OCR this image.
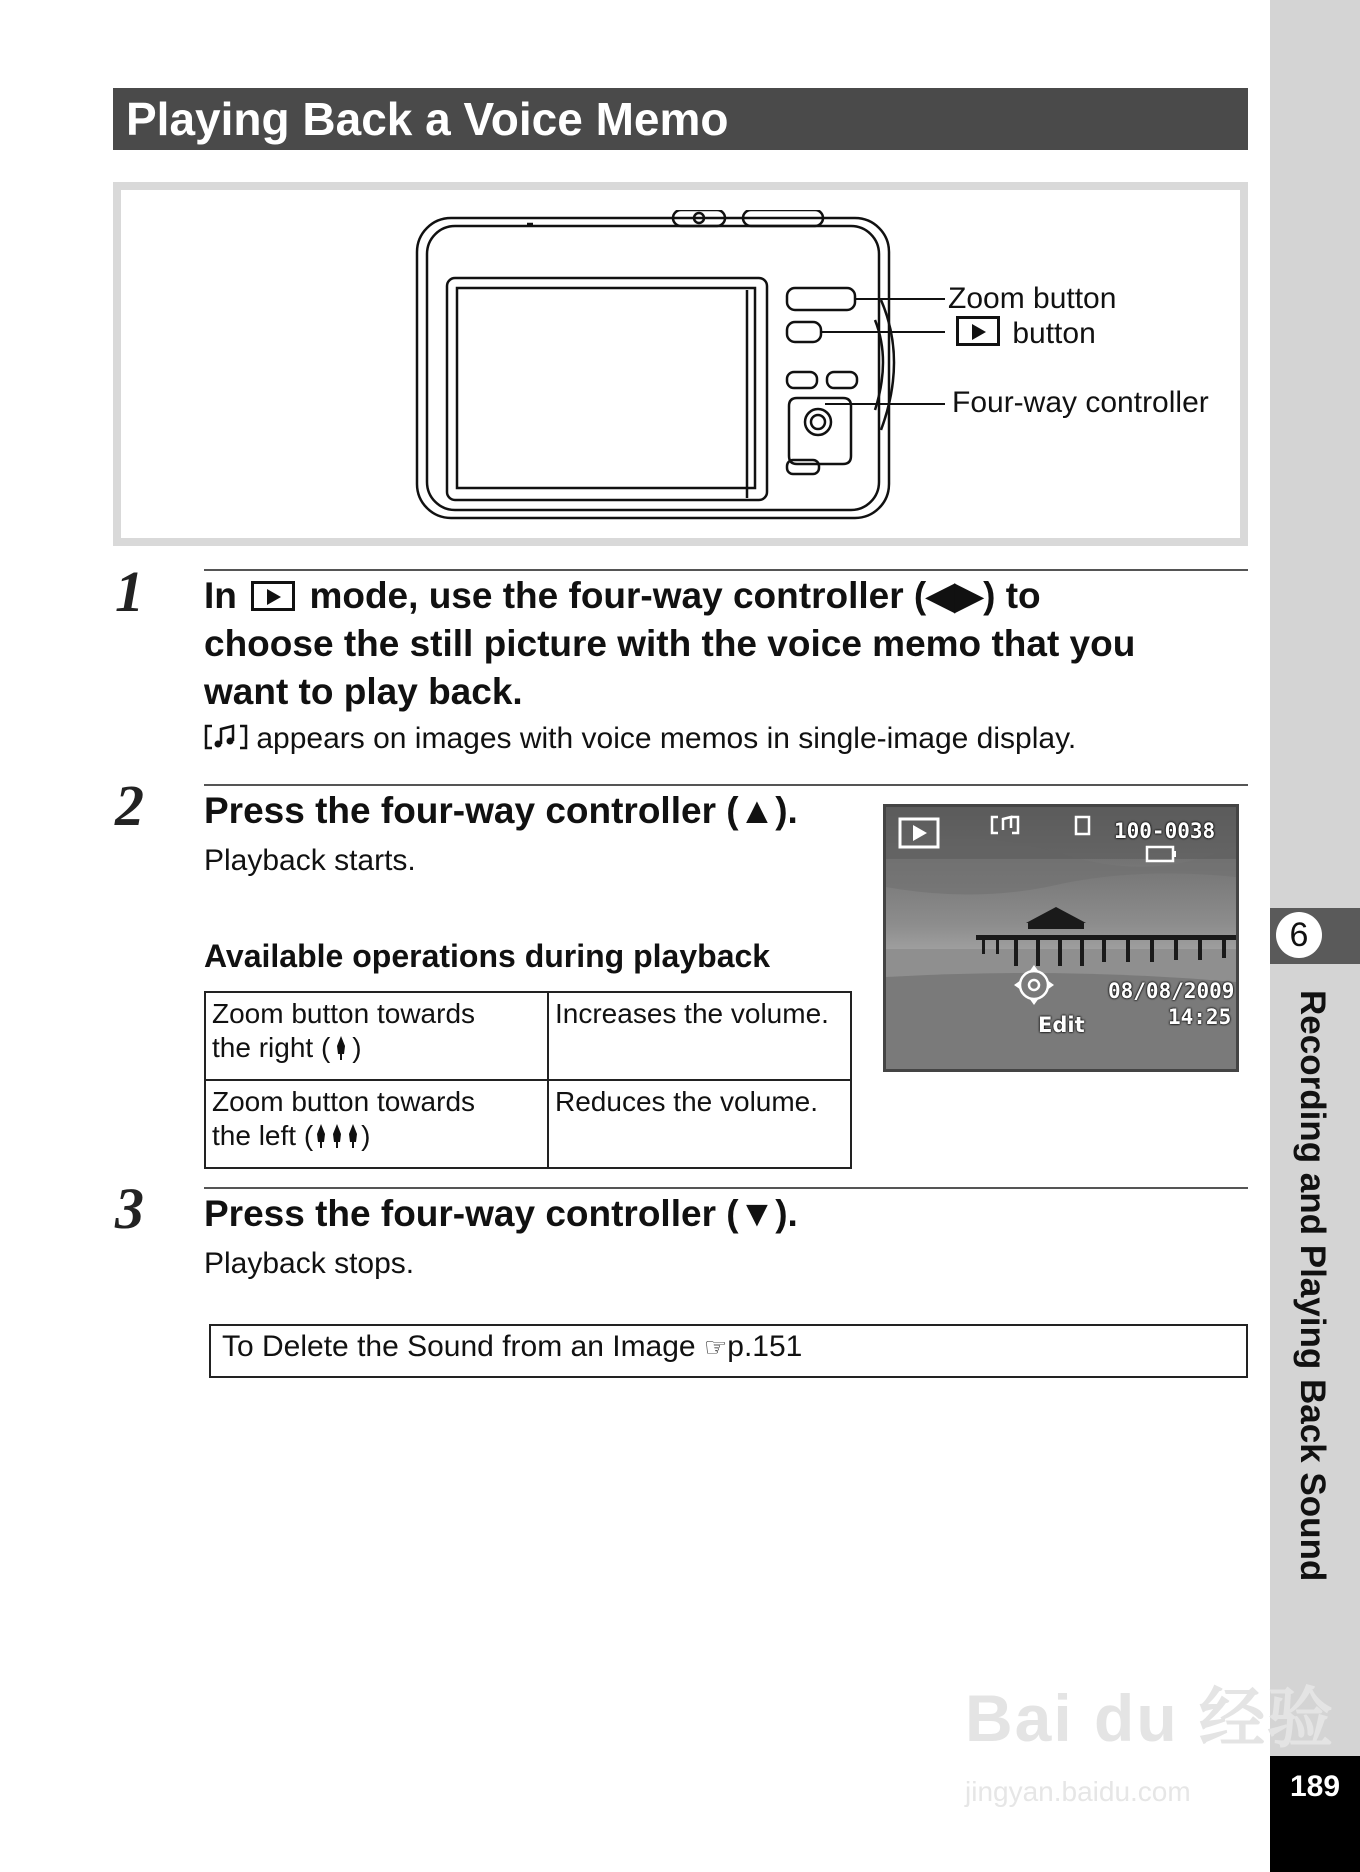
6
Recording and Playing Back Sound
189
Playing Back a Voice Memo
Zoom button
button
Four-way controller
1 In mode, use the four-way controller (◀▶) to
choose the still picture with the voice memo that you
want to play back.
appears on images with voice memos in single-image display.
2 Press the four-way controller (▲).
Playback starts.
Available operations during playback
Zoom button towards
the right ( )	Increases the volume.

Zoom button towards
the left ( )	Reduces the volume.
100-0038
08/08/2009
14:25
Edit
3 Press the four-way controller (▼).
Playback stops.
To Delete the Sound from an Image ☞p.151
Bai du 经验
jingyan.baidu.com
